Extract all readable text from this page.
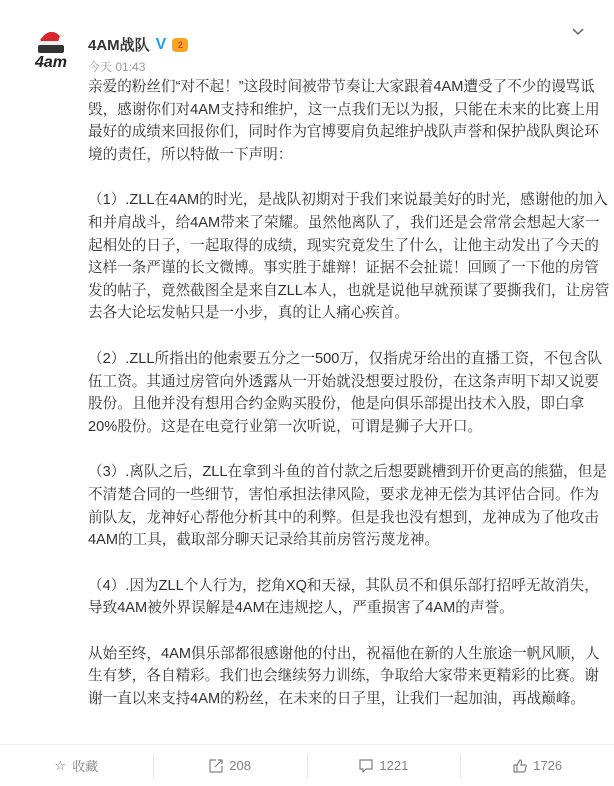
4am
4AM战队 V	2
今天 01:43
亲爱的粉丝们“对不起！”这段时间被带节奏让大家跟着4AM遭受了不少的谩骂诋
毁，感谢你们对4AM支持和维护，这一点我们无以为报，只能在未来的比赛上用
最好的成绩来回报你们，同时作为官博要肩负起维护战队声誉和保护战队舆论环
境的责任，所以特做一下声明：
（1）.ZLL在4AM的时光，是战队初期对于我们来说最美好的时光，感谢他的加入
和并肩战斗，给4AM带来了荣耀。虽然他离队了，我们还是会常常会想起大家一
起相处的日子，一起取得的成绩，现实究竟发生了什么，让他主动发出了今天的
这样一条严谨的长文微博。事实胜于雄辩！证据不会扯谎！回顾了一下他的房管
发的帖子，竟然截图全是来自ZLL本人，也就是说他早就预谋了要撕我们，让房管
去各大论坛发帖只是一小步，真的让人痛心疾首。
（2）.ZLL所指出的他索要五分之一500万，仅指虎牙给出的直播工资，不包含队
伍工资。其通过房管向外透露从一开始就没想要过股份，在这条声明下却又说要
股份。且他并没有想用合约金购买股份，他是向俱乐部提出技术入股，即白拿
20%股份。这是在电竞行业第一次听说，可谓是狮子大开口。
（3）.离队之后，ZLL在拿到斗鱼的首付款之后想要跳槽到开价更高的熊猫，但是
不清楚合同的一些细节，害怕承担法律风险，要求龙神无偿为其评估合同。作为
前队友，龙神好心帮他分析其中的利弊。但是我也没有想到，龙神成为了他攻击
4AM的工具，截取部分聊天记录给其前房管污蔑龙神。
（4）.因为ZLL个人行为，挖角XQ和天禄，其队员不和俱乐部打招呼无故消失，
导致4AM被外界误解是4AM在违规挖人，严重损害了4AM的声誉。
从始至终，4AM俱乐部都很感谢他的付出，祝福他在新的人生旅途一帆风顺，人
生有梦，各自精彩。我们也会继续努力训练，争取给大家带来更精彩的比赛。谢
谢一直以来支持4AM的粉丝，在未来的日子里，让我们一起加油，再战巅峰。
☆ 收藏	208	1221	1726
